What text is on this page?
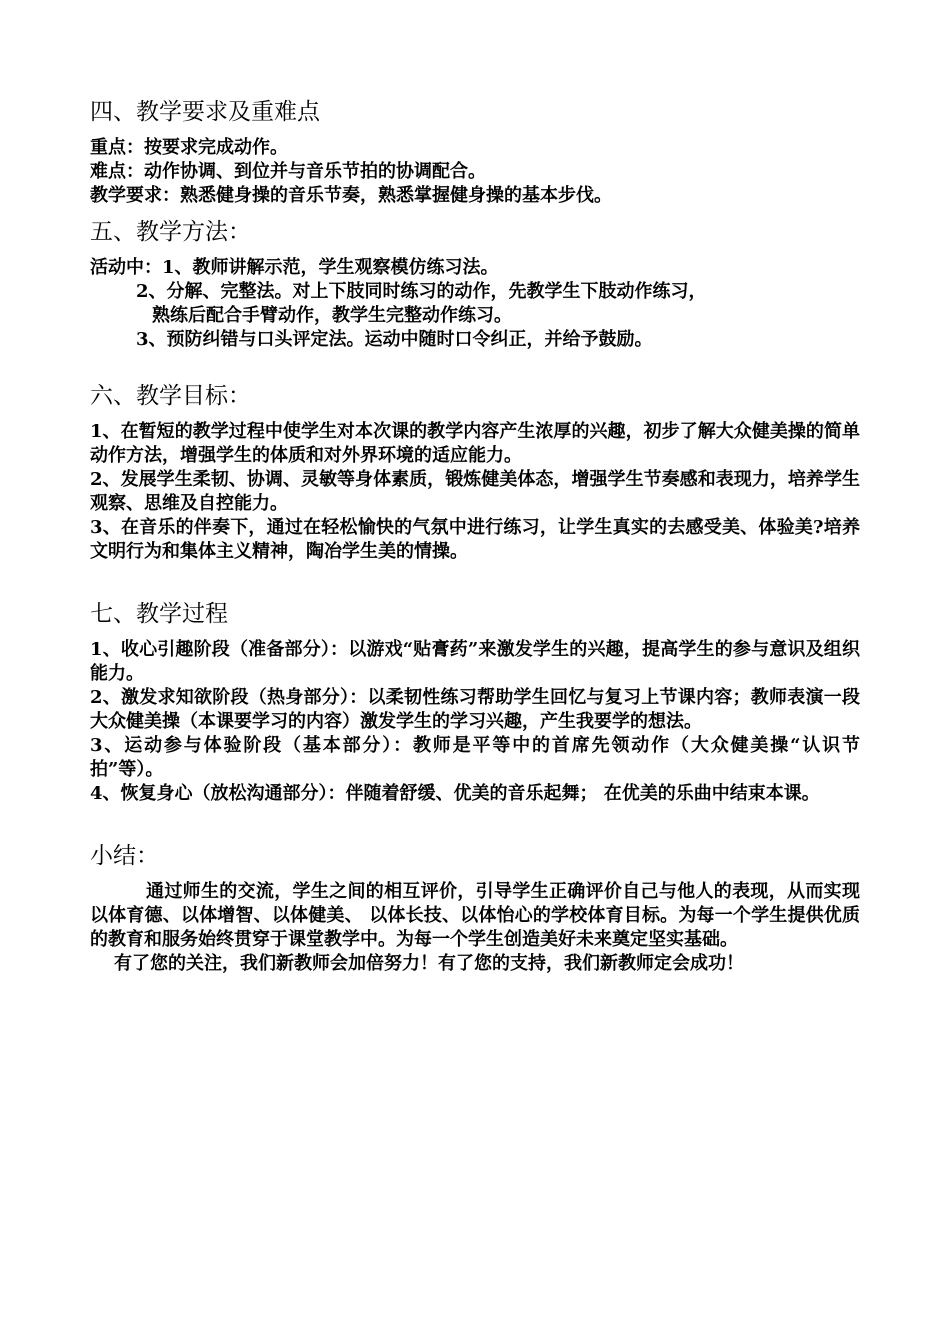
四、教学要求及重难点

重点：按要求完成动作。

难点：动作协调、到位并与音乐节拍的协调配合。

教学要求：熟悉健身操的音乐节奏，熟悉掌握健身操的基本步伐。

五、教学方法：

活动中：1、教师讲解示范，学生观察模仿练习法。

2、分解、完整法。对上下肢同时练习的动作，先教学生下肢动作练习，

熟练后配合手臂动作，教学生完整动作练习。

3、预防纠错与口头评定法。运动中随时口令纠正，并给予鼓励。

六、教学目标：

1、在暂短的教学过程中使学生对本次课的教学内容产生浓厚的兴趣，初步了解大众健美操的简单动作方法，增强学生的体质和对外界环境的适应能力。

2、发展学生柔韧、协调、灵敏等身体素质，锻炼健美体态，增强学生节奏感和表现力，培养学生观察、思维及自控能力。

3、在音乐的伴奏下，通过在轻松愉快的气氛中进行练习，让学生真实的去感受美、体验美?培养文明行为和集体主义精神，陶冶学生美的情操。

七、教学过程

1、收心引趣阶段（准备部分）：以游戏“贴膏药”来激发学生的兴趣，提高学生的参与意识及组织能力。

2、激发求知欲阶段（热身部分）：以柔韧性练习帮助学生回忆与复习上节课内容；教师表演一段大众健美操（本课要学习的内容）激发学生的学习兴趣，产生我要学的想法。

3、运动参与体验阶段（基本部分）：教师是平等中的首席先领动作（大众健美操“认识节拍”等）。

4、恢复身心（放松沟通部分）：伴随着舒缓、优美的音乐起舞； 在优美的乐曲中结束本课。

小结：

通过师生的交流，学生之间的相互评价，引导学生正确评价自己与他人的表现，从而实现以体育德、以体增智、以体健美、 以体长技、以体怡心的学校体育目标。为每一个学生提供优质的教育和服务始终贯穿于课堂教学中。为每一个学生创造美好未来奠定坚实基础。

有了您的关注，我们新教师会加倍努力！有了您的支持，我们新教师定会成功！
